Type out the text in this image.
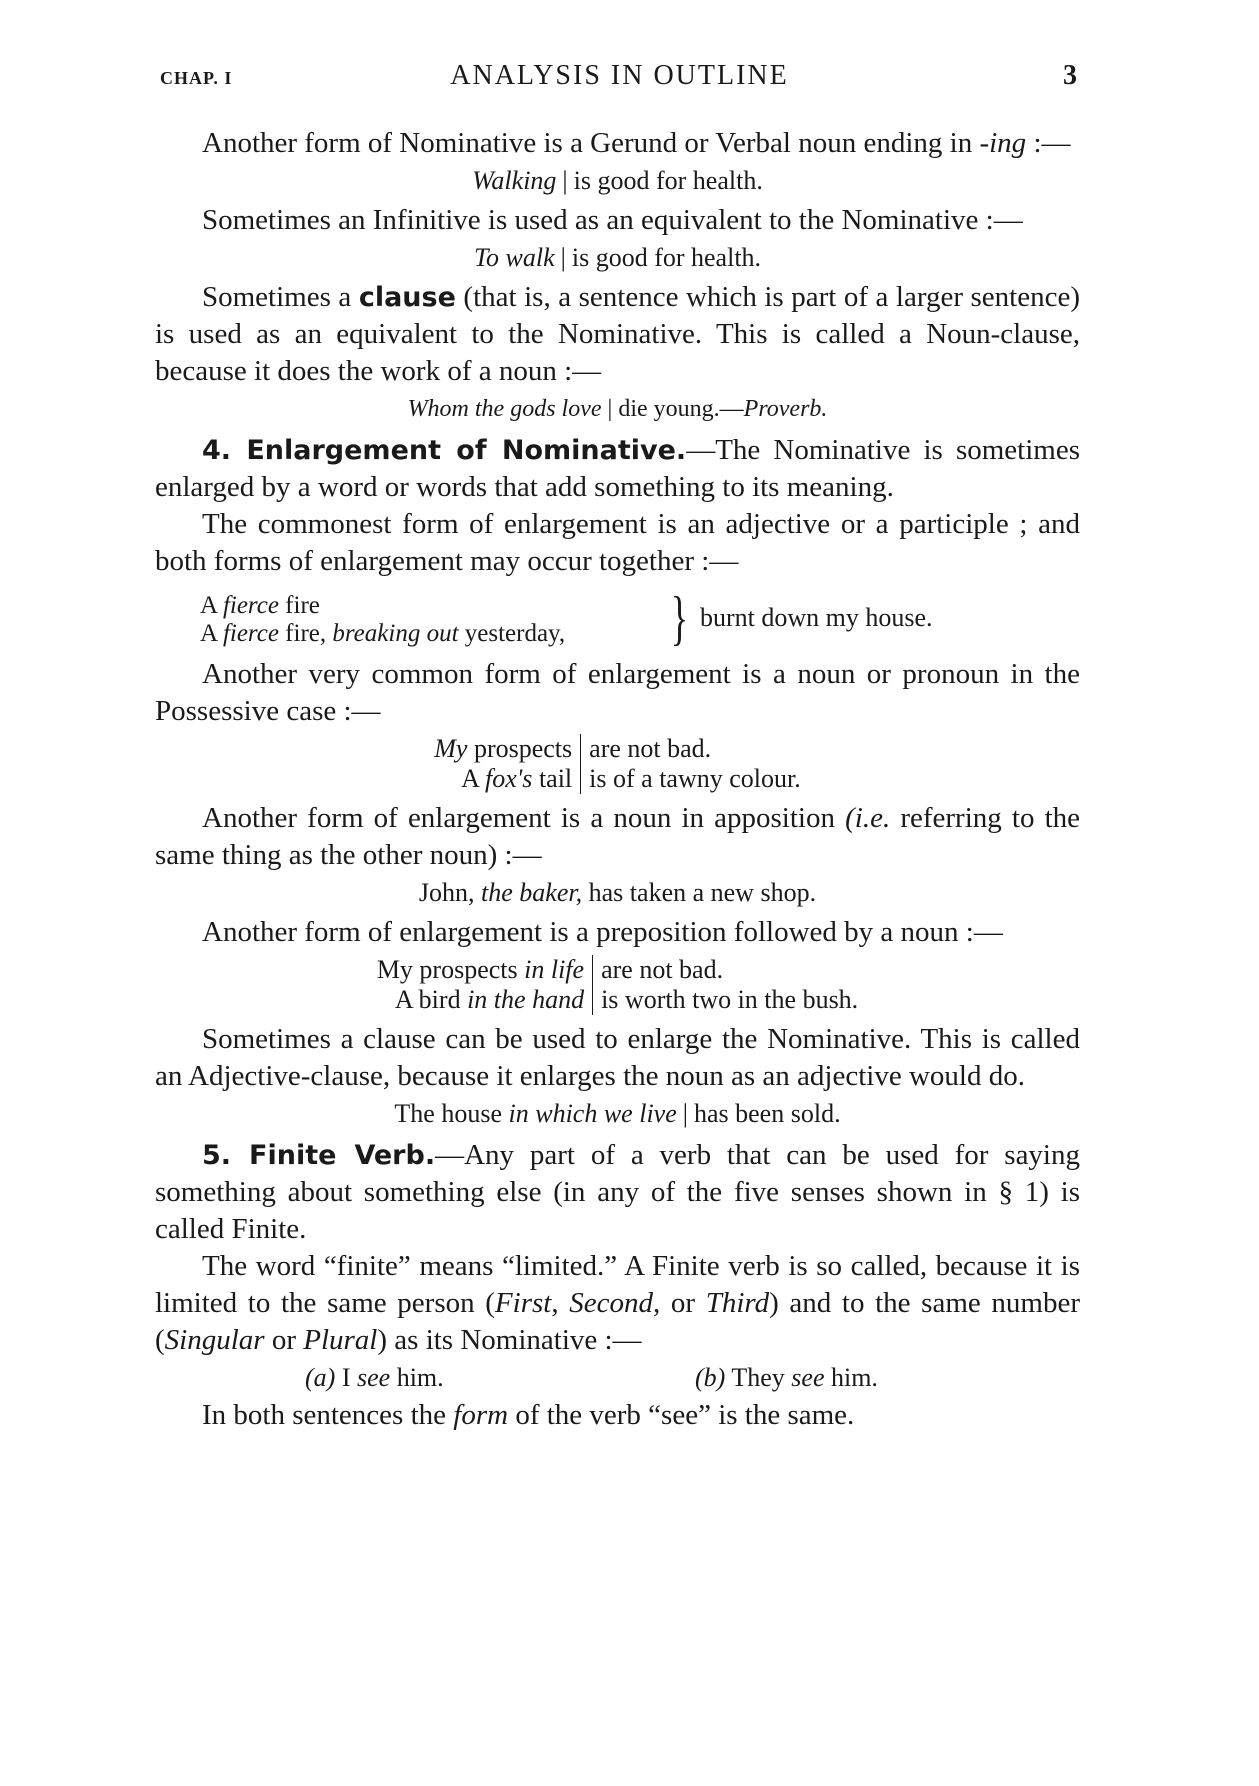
CHAP. I	ANALYSIS IN OUTLINE	3

Another form of Nominative is a Gerund or Verbal noun ending in -ing :—

Walking | is good for health.

Sometimes an Infinitive is used as an equivalent to the Nominative :—

To walk | is good for health.

Sometimes a clause (that is, a sentence which is part of a larger sentence) is used as an equivalent to the Nominative. This is called a Noun-clause, because it does the work of a noun :—

Whom the gods love | die young.—Proverb.

4. Enlargement of Nominative.—The Nominative is sometimes enlarged by a word or words that add something to its meaning.

The commonest form of enlargement is an adjective or a participle ; and both forms of enlargement may occur together :—

A fierce fire
A fierce fire, breaking out yesterday, } burnt down my house.

Another very common form of enlargement is a noun or pronoun in the Possessive case :—

My prospects	are not bad.
A fox's tail	is of a tawny colour.

Another form of enlargement is a noun in apposition (i.e. referring to the same thing as the other noun) :—

John, the baker, has taken a new shop.

Another form of enlargement is a preposition followed by a noun :—

My prospects in life	are not bad.
A bird in the hand	is worth two in the bush.

Sometimes a clause can be used to enlarge the Nominative. This is called an Adjective-clause, because it enlarges the noun as an adjective would do.

The house in which we live | has been sold.

5. Finite Verb.—Any part of a verb that can be used for saying something about something else (in any of the five senses shown in § 1) is called Finite.

The word “finite” means “limited.” A Finite verb is so called, because it is limited to the same person (First, Second, or Third) and to the same number (Singular or Plural) as its Nominative :—

(a) I see him.	(b) They see him.

In both sentences the form of the verb “see” is the same.
